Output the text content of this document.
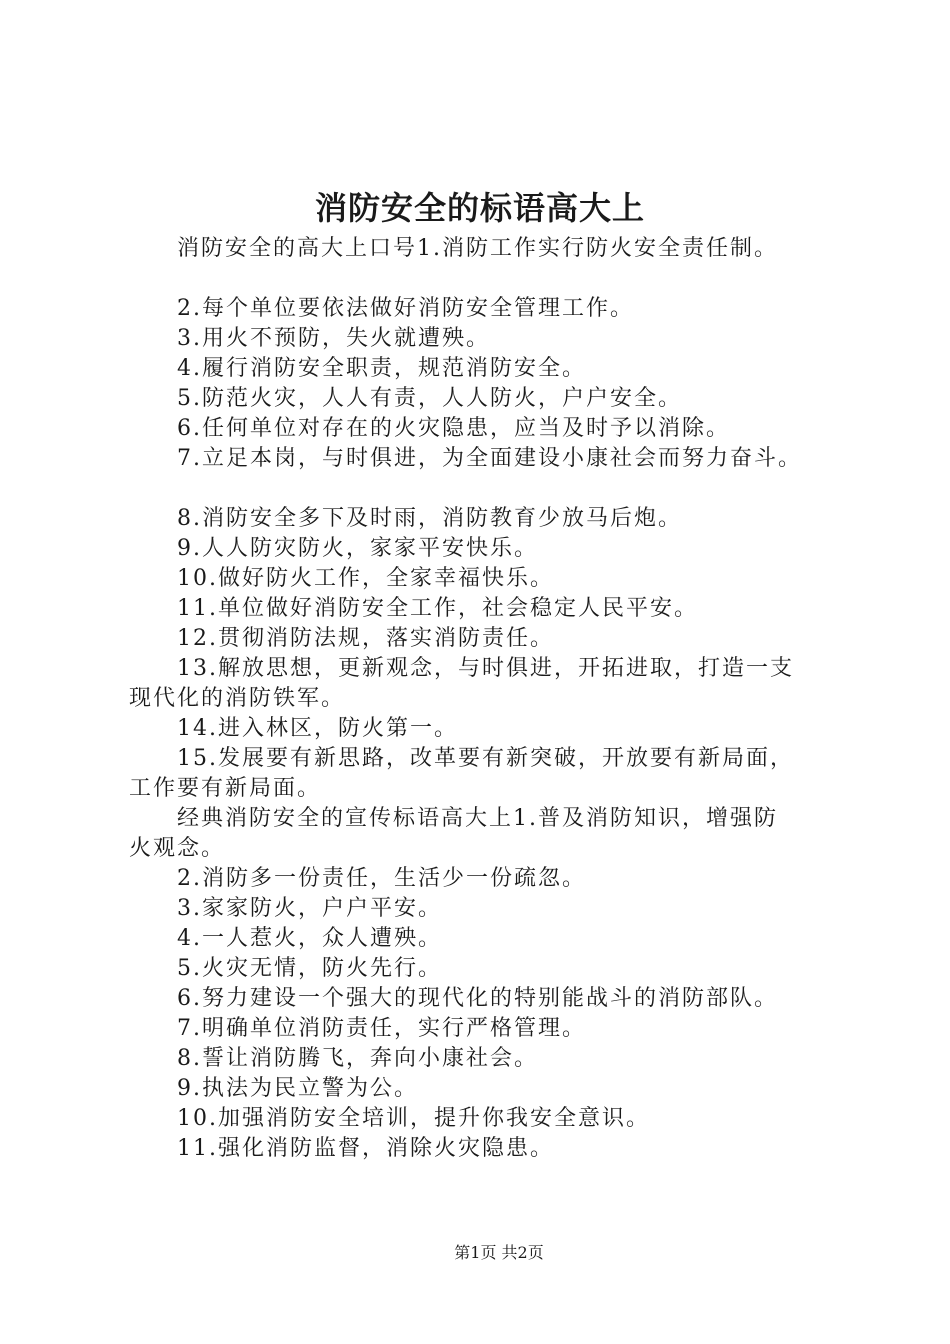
消防安全的标语高大上

消防安全的高大上口号1.消防工作实行防火安全责任制。

2.每个单位要依法做好消防安全管理工作。

3.用火不预防，失火就遭殃。

4.履行消防安全职责，规范消防安全。

5.防范火灾，人人有责，人人防火，户户安全。

6.任何单位对存在的火灾隐患，应当及时予以消除。

7.立足本岗，与时俱进，为全面建设小康社会而努力奋斗。

8.消防安全多下及时雨，消防教育少放马后炮。

9.人人防灾防火，家家平安快乐。

10.做好防火工作，全家幸福快乐。

11.单位做好消防安全工作，社会稳定人民平安。

12.贯彻消防法规，落实消防责任。

13.解放思想，更新观念，与时俱进，开拓进取，打造一支

现代化的消防铁军。

14.进入林区，防火第一。

15.发展要有新思路，改革要有新突破，开放要有新局面，

工作要有新局面。

经典消防安全的宣传标语高大上1.普及消防知识，增强防

火观念。

2.消防多一份责任，生活少一份疏忽。

3.家家防火，户户平安。

4.一人惹火，众人遭殃。

5.火灾无情，防火先行。

6.努力建设一个强大的现代化的特别能战斗的消防部队。

7.明确单位消防责任，实行严格管理。

8.誓让消防腾飞，奔向小康社会。

9.执法为民立警为公。

10.加强消防安全培训，提升你我安全意识。

11.强化消防监督，消除火灾隐患。

第1页 共2页
